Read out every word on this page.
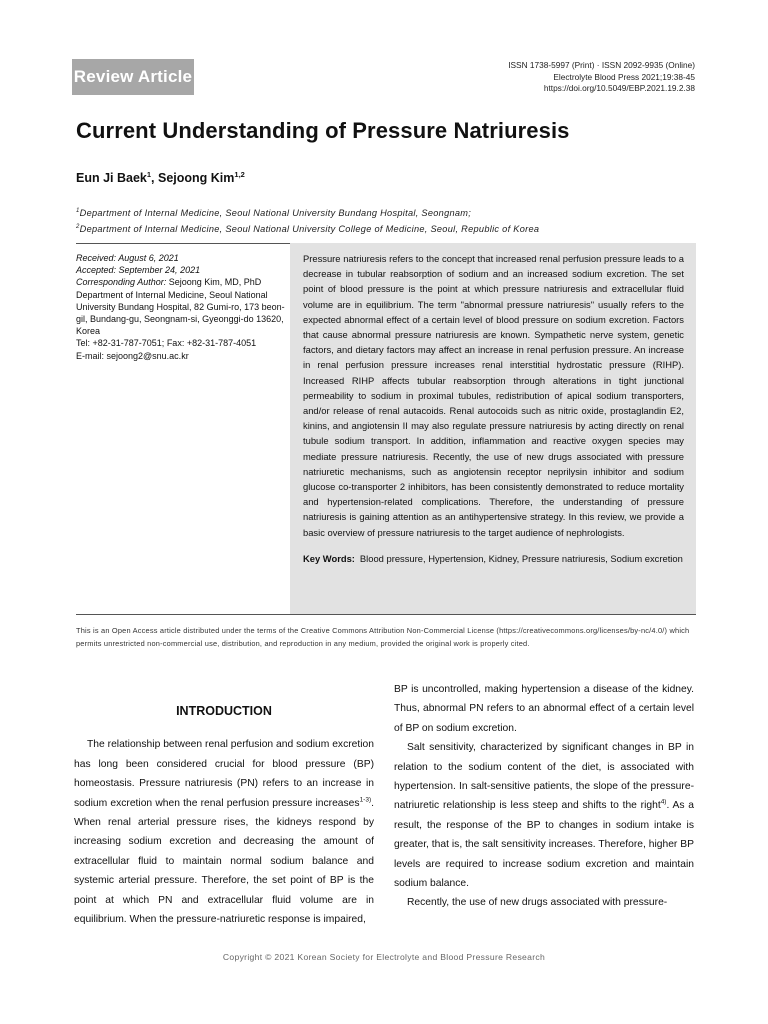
Review Article
ISSN 1738-5997 (Print) · ISSN 2092-9935 (Online)
Electrolyte Blood Press 2021;19:38-45
https://doi.org/10.5049/EBP.2021.19.2.38
Current Understanding of Pressure Natriuresis
Eun Ji Baek$^1$, Sejoong Kim$^{1,2}$
$^1$Department of Internal Medicine, Seoul National University Bundang Hospital, Seongnam;
$^2$Department of Internal Medicine, Seoul National University College of Medicine, Seoul, Republic of Korea
Received: August 6, 2021
Accepted: September 24, 2021
Corresponding Author: Sejoong Kim, MD, PhD
Department of Internal Medicine, Seoul National University Bundang Hospital, 82 Gumi-ro, 173 beon-gil, Bundang-gu, Seongnam-si, Gyeonggi-do 13620, Korea
Tel: +82-31-787-7051; Fax: +82-31-787-4051
E-mail: sejoong2@snu.ac.kr

Pressure natriuresis refers to the concept that increased renal perfusion pressure leads to a decrease in tubular reabsorption of sodium and an increased sodium excretion. The set point of blood pressure is the point at which pressure natriuresis and extracellular fluid volume are in equilibrium. The term "abnormal pressure natriuresis" usually refers to the expected abnormal effect of a certain level of blood pressure on sodium excretion. Factors that cause abnormal pressure natriuresis are known. Sympathetic nerve system, genetic factors, and dietary factors may affect an increase in renal perfusion pressure. An increase in renal perfusion pressure increases renal interstitial hydrostatic pressure (RIHP). Increased RIHP affects tubular reabsorption through alterations in tight junctional permeability to sodium in proximal tubules, redistribution of apical sodium transporters, and/or release of renal autacoids. Renal autocoids such as nitric oxide, prostaglandin E2, kinins, and angiotensin II may also regulate pressure natriuresis by acting directly on renal tubule sodium transport. In addition, inflammation and reactive oxygen species may mediate pressure natriuresis. Recently, the use of new drugs associated with pressure natriuretic mechanisms, such as angiotensin receptor neprilysin inhibitor and sodium glucose co-transporter 2 inhibitors, has been consistently demonstrated to reduce mortality and hypertension-related complications. Therefore, the understanding of pressure natriuresis is gaining attention as an antihypertensive strategy. In this review, we provide a basic overview of pressure natriuresis to the target audience of nephrologists.

Key Words: Blood pressure, Hypertension, Kidney, Pressure natriuresis, Sodium excretion
This is an Open Access article distributed under the terms of the Creative Commons Attribution Non-Commercial License (https://creativecommons.org/licenses/by-nc/4.0/) which permits unrestricted non-commercial use, distribution, and reproduction in any medium, provided the original work is properly cited.

INTRODUCTION

The relationship between renal perfusion and sodium excretion has long been considered crucial for blood pressure (BP) homeostasis. Pressure natriuresis (PN) refers to an increase in sodium excretion when the renal perfusion pressure increases$^{1-3)}$. When renal arterial pressure rises, the kidneys respond by increasing sodium excretion and decreasing the amount of extracellular fluid to maintain normal sodium balance and systemic arterial pressure. Therefore, the set point of BP is the point at which PN and extracellular fluid volume are in equilibrium. When the pressure-natriuretic response is impaired,

BP is uncontrolled, making hypertension a disease of the kidney. Thus, abnormal PN refers to an abnormal effect of a certain level of BP on sodium excretion.

Salt sensitivity, characterized by significant changes in BP in relation to the sodium content of the diet, is associated with hypertension. In salt-sensitive patients, the slope of the pressure-natriuretic relationship is less steep and shifts to the right$^{4)}$. As a result, the response of the BP to changes in sodium intake is greater, that is, the salt sensitivity increases. Therefore, higher BP levels are required to increase sodium excretion and maintain sodium balance.

Recently, the use of new drugs associated with pressure-

Copyright © 2021 Korean Society for Electrolyte and Blood Pressure Research
